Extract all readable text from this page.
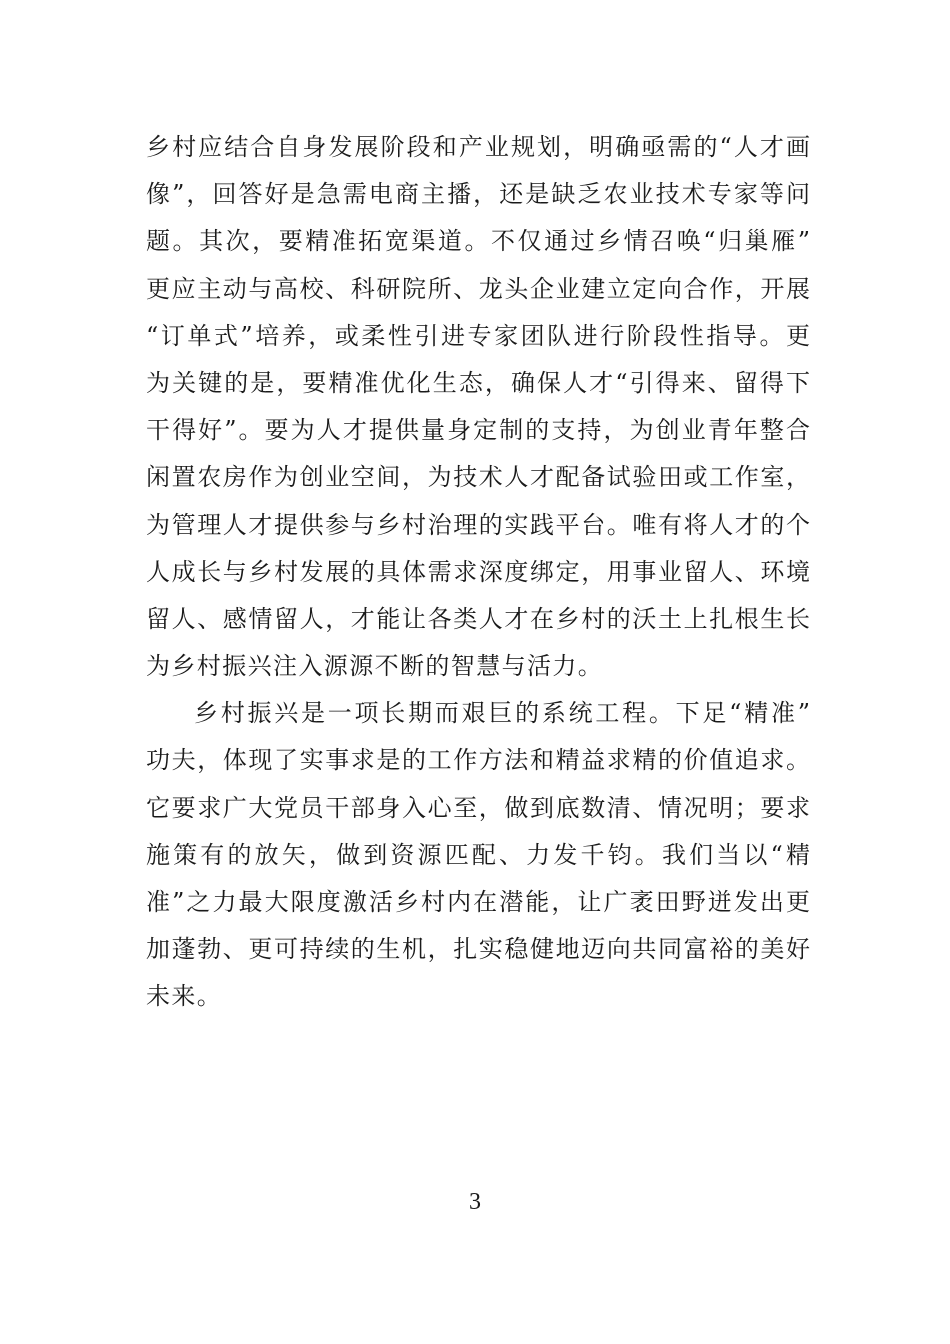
乡村应结合自身发展阶段和产业规划，明确亟需的“人才画
像”，回答好是急需电商主播，还是缺乏农业技术专家等问
题。其次，要精准拓宽渠道。不仅通过乡情召唤“归巢雁”
更应主动与高校、科研院所、龙头企业建立定向合作，开展
“订单式”培养，或柔性引进专家团队进行阶段性指导。更
为关键的是，要精准优化生态，确保人才“引得来、留得下
干得好”。要为人才提供量身定制的支持，为创业青年整合
闲置农房作为创业空间，为技术人才配备试验田或工作室，
为管理人才提供参与乡村治理的实践平台。唯有将人才的个
人成长与乡村发展的具体需求深度绑定，用事业留人、环境
留人、感情留人，才能让各类人才在乡村的沃土上扎根生长
为乡村振兴注入源源不断的智慧与活力。
乡村振兴是一项长期而艰巨的系统工程。下足“精准”
功夫，体现了实事求是的工作方法和精益求精的价值追求。
它要求广大党员干部身入心至，做到底数清、情况明；要求
施策有的放矢，做到资源匹配、力发千钧。我们当以“精
准”之力最大限度激活乡村内在潜能，让广袤田野迸发出更
加蓬勃、更可持续的生机，扎实稳健地迈向共同富裕的美好
未来。
3
